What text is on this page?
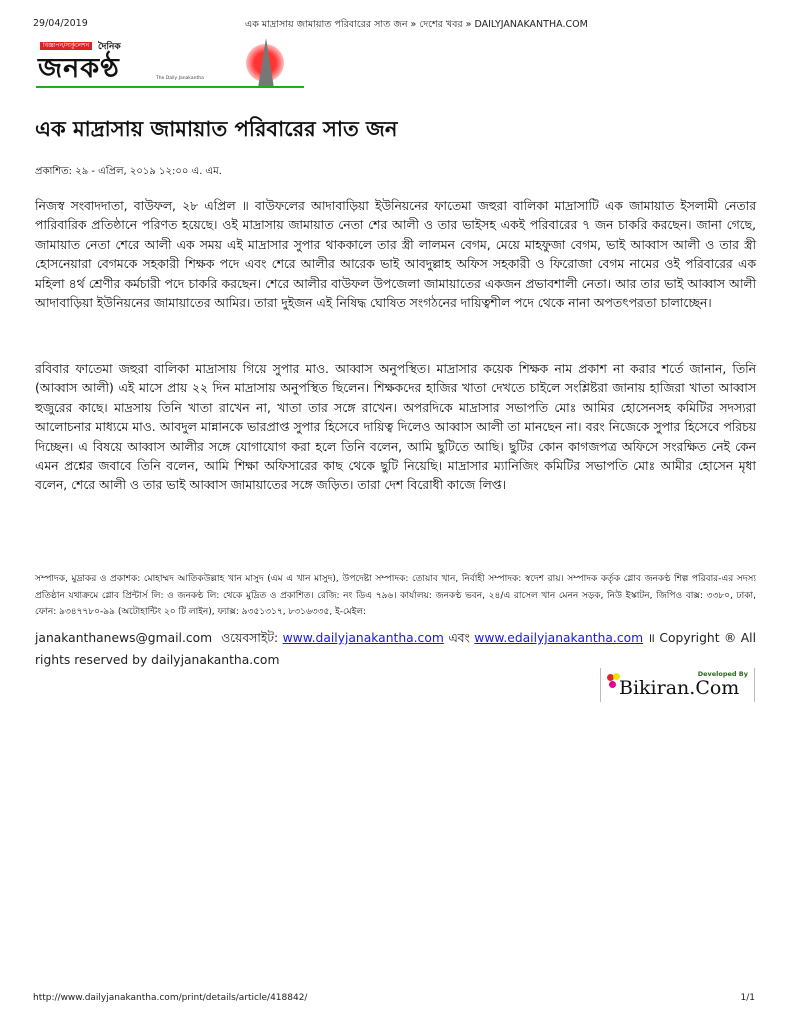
29/04/2019	এক মাদ্রাসায় জামায়াত পরিবারের সাত জন » দেশের খবর » DAILYJANAKANTHA.COM
বিজ্ঞাপন/সার্কুলেশন দৈনিক
জনকণ্ঠ	The Daily Janakantha
এক মাদ্রাসায় জামায়াত পরিবারের সাত জন
প্রকাশিত: ২৯ - এপ্রিল, ২০১৯ ১২:০০ এ. এম.

নিজস্ব সংবাদদাতা, বাউফল, ২৮ এপ্রিল ॥ বাউফলের আদাবাড়িয়া ইউনিয়নের ফাতেমা জহুরা বালিকা মাদ্রাসাটি এক জামায়াত ইসলামী নেতার পারিবারিক প্রতিষ্ঠানে পরিণত হয়েছে। ওই মাদ্রাসায় জামায়াত নেতা শের আলী ও তার ভাইসহ একই পরিবারের ৭ জন চাকরি করছেন। জানা গেছে, জামায়াত নেতা শেরে আলী এক সময় এই মাদ্রাসার সুপার থাককালে তার স্ত্রী লালমন বেগম, মেয়ে মাহফুজা বেগম, ভাই আব্বাস আলী ও তার স্ত্রী হোসনেয়ারা বেগমকে সহকারী শিক্ষক পদে এবং শেরে আলীর আরেক ভাই আবদুল্লাহ অফিস সহকারী ও ফিরোজা বেগম নামের ওই পরিবারের এক মহিলা ৪র্থ শ্রেণীর কর্মচারী পদে চাকরি করছেন। শেরে আলীর বাউফল উপজেলা জামায়াতের একজন প্রভাবশালী নেতা। আর তার ভাই আব্বাস আলী আদাবাড়িয়া ইউনিয়নের জামায়াতের আমির। তারা দুইজন এই নিষিদ্ধ ঘোষিত সংগঠনের দায়িত্বশীল পদে থেকে নানা অপতৎপরতা চালাচ্ছেন।

রবিবার ফাতেমা জহুরা বালিকা মাদ্রাসায় গিয়ে সুপার মাও. আব্বাস অনুপস্থিত। মাদ্রাসার কয়েক শিক্ষক নাম প্রকাশ না করার শর্তে জানান, তিনি (আব্বাস আলী) এই মাসে প্রায় ২২ দিন মাদ্রাসায় অনুপস্থিত ছিলেন। শিক্ষকদের হাজির খাতা দেখতে চাইলে সংশ্লিষ্টরা জানায় হাজিরা খাতা আব্বাস হুজুরের কাছে। মাদ্রসায় তিনি খাতা রাখেন না, খাতা তার সঙ্গে রাখেন। অপরদিকে মাদ্রাসার সভাপতি মোঃ আমির হোসেনসহ কমিটির সদস্যরা আলোচনার মাধ্যমে মাও. আবদুল মান্নানকে ভারপ্রাপ্ত সুপার হিসেবে দায়িত্ব দিলেও আব্বাস আলী তা মানছেন না। বরং নিজেকে সুপার হিসেবে পরিচয় দিচ্ছেন। এ বিষয়ে আব্বাস আলীর সঙ্গে যোগাযোগ করা হলে তিনি বলেন, আমি ছুটিতে আছি। ছুটির কোন কাগজপত্র অফিসে সংরক্ষিত নেই কেন এমন প্রশ্নের জবাবে তিনি বলেন, আমি শিক্ষা অফিসারের কাছ থেকে ছুটি নিয়েছি। মাদ্রাসার ম্যানিজিং কমিটির সভাপতি মোঃ আমীর হোসেন মৃধা বলেন, শেরে আলী ও তার ভাই আব্বাস জামায়াতের সঙ্গে জড়িত। তারা দেশ বিরোধী কাজে লিপ্ত।

সম্পাদক, মুদ্রাকর ও প্রকাশক: মোহাম্মদ আতিকউল্লাহ খান মাসুদ (এম এ খান মাসুদ), উপদেষ্টা সম্পাদক: তোয়াব খান, নির্বাহী সম্পাদক: স্বদেশ রায়। সম্পাদক কর্তৃক গ্লোব জনকণ্ঠ শিল্প পরিবার-এর সদস্য প্রতিষ্ঠান যথাক্রমে গ্লোব প্রিন্টার্স লি: ও জনকণ্ঠ লি: থেকে মুদ্রিত ও প্রকাশিত। রেজি: নং ডিএ ৭৯৬। কার্যালয়: জনকণ্ঠ ভবন, ২৪/এ রাসেল খান মেনন সড়ক, নিউ ইস্কাটন, জিপিও বাক্স: ৩৩৮০, ঢাকা, ফোন: ৯৩৪৭৭৮০-৯৯ (অটোহান্টিং ২০ টি লাইন), ফ্যাক্স: ৯৩৫১৩১৭, ৮৩১৬৩৩৫, ই-মেইল:
janakanthanews@gmail.com ওয়েবসাইট: www.dailyjanakantha.com এবং www.edailyjanakantha.com ॥ Copyright ® All rights reserved by dailyjanakantha.com
Developed By
Bikiran.Com
http://www.dailyjanakantha.com/print/details/article/418842/	1/1
